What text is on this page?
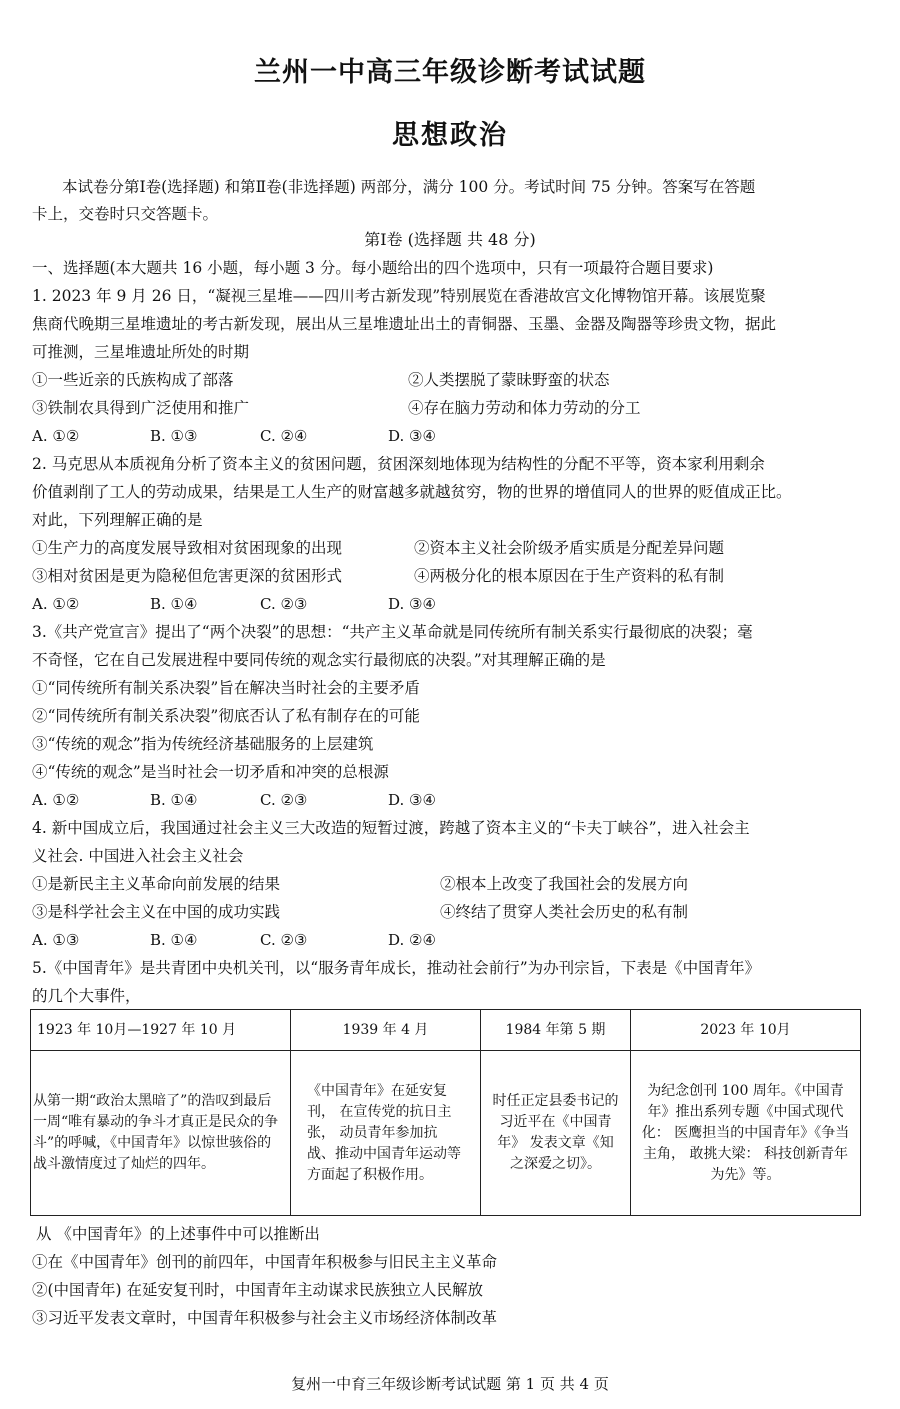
兰州一中高三年级诊断考试试题
思想政治
本试卷分第Ⅰ卷(选择题) 和第Ⅱ卷(非选择题) 两部分，满分 100 分。考试时间 75 分钟。答案写在答题
卡上，交卷时只交答题卡。
第Ⅰ卷 (选择题 共 48 分)
一、选择题(本大题共 16 小题，每小题 3 分。每小题给出的四个选项中，只有一项最符合题目要求)
1. 2023 年 9 月 26 日，“凝视三星堆——四川考古新发现”特别展览在香港故宫文化博物馆开幕。该展览聚
焦商代晚期三星堆遗址的考古新发现，展出从三星堆遗址出土的青铜器、玉墨、金器及陶器等珍贵文物，据此
可推测，三星堆遗址所处的时期
①一些近亲的氏族构成了部落	②人类摆脱了蒙昧野蛮的状态
③铁制农具得到广泛使用和推广	④存在脑力劳动和体力劳动的分工
A. ①②	B. ①③	C. ②④	D. ③④
2. 马克思从本质视角分析了资本主义的贫困问题，贫困深刻地体现为结构性的分配不平等，资本家利用剩余
价值剥削了工人的劳动成果，结果是工人生产的财富越多就越贫穷，物的世界的增值同人的世界的贬值成正比。
对此，下列理解正确的是
①生产力的高度发展导致相对贫困现象的出现	②资本主义社会阶级矛盾实质是分配差异问题
③相对贫困是更为隐秘但危害更深的贫困形式	④两极分化的根本原因在于生产资料的私有制
A. ①②	B. ①④	C. ②③	D. ③④
3.《共产党宣言》提出了“两个决裂”的思想：“共产主义革命就是同传统所有制关系实行最彻底的决裂；毫
不奇怪，它在自己发展进程中要同传统的观念实行最彻底的决裂。”对其理解正确的是
①“同传统所有制关系决裂”旨在解决当时社会的主要矛盾
②“同传统所有制关系决裂”彻底否认了私有制存在的可能
③“传统的观念”指为传统经济基础服务的上层建筑
④“传统的观念”是当时社会一切矛盾和冲突的总根源
A. ①②	B. ①④	C. ②③	D. ③④
4. 新中国成立后，我国通过社会主义三大改造的短暂过渡，跨越了资本主义的“卡夫丁峡谷”，进入社会主
义社会. 中国进入社会主义社会
①是新民主主义革命向前发展的结果	②根本上改变了我国社会的发展方向
③是科学社会主义在中国的成功实践	④终结了贯穿人类社会历史的私有制
A. ①③	B. ①④	C. ②③	D. ②④
5.《中国青年》是共青团中央机关刊，以“服务青年成长，推动社会前行”为办刊宗旨，下表是《中国青年》
的几个大事件，
1923 年 10月—1927 年 10 月	1939 年 4 月	1984 年第 5 期	2023 年 10月
从第一期“政治太黑暗了”的浩叹到最后一周“唯有暴动的争斗才真正是民众的争斗”的呼喊，《中国青年》以惊世骇俗的战斗激情度过了灿烂的四年。	《中国青年》在延安复刊， 在宣传党的抗日主张， 动员青年参加抗战、推动中国青年运动等方面起了积极作用。	时任正定县委书记的习近平在《中国青年》 发表文章《知之深爱之切》。	为纪念创刊 100 周年。《中国青年》推出系列专题《中国式现代化： 医鹰担当的中国青年》《争当主角， 敢挑大梁： 科技创新青年为先》等。
从 《中国青年》的上述事件中可以推断出
①在《中国青年》创刊的前四年，中国青年积极参与旧民主主义革命
②(中国青年) 在延安复刊时，中国青年主动谋求民族独立人民解放
③习近平发表文章时，中国青年积极参与社会主义市场经济体制改革
复州一中育三年级诊断考试试题 第 1 页 共 4 页
